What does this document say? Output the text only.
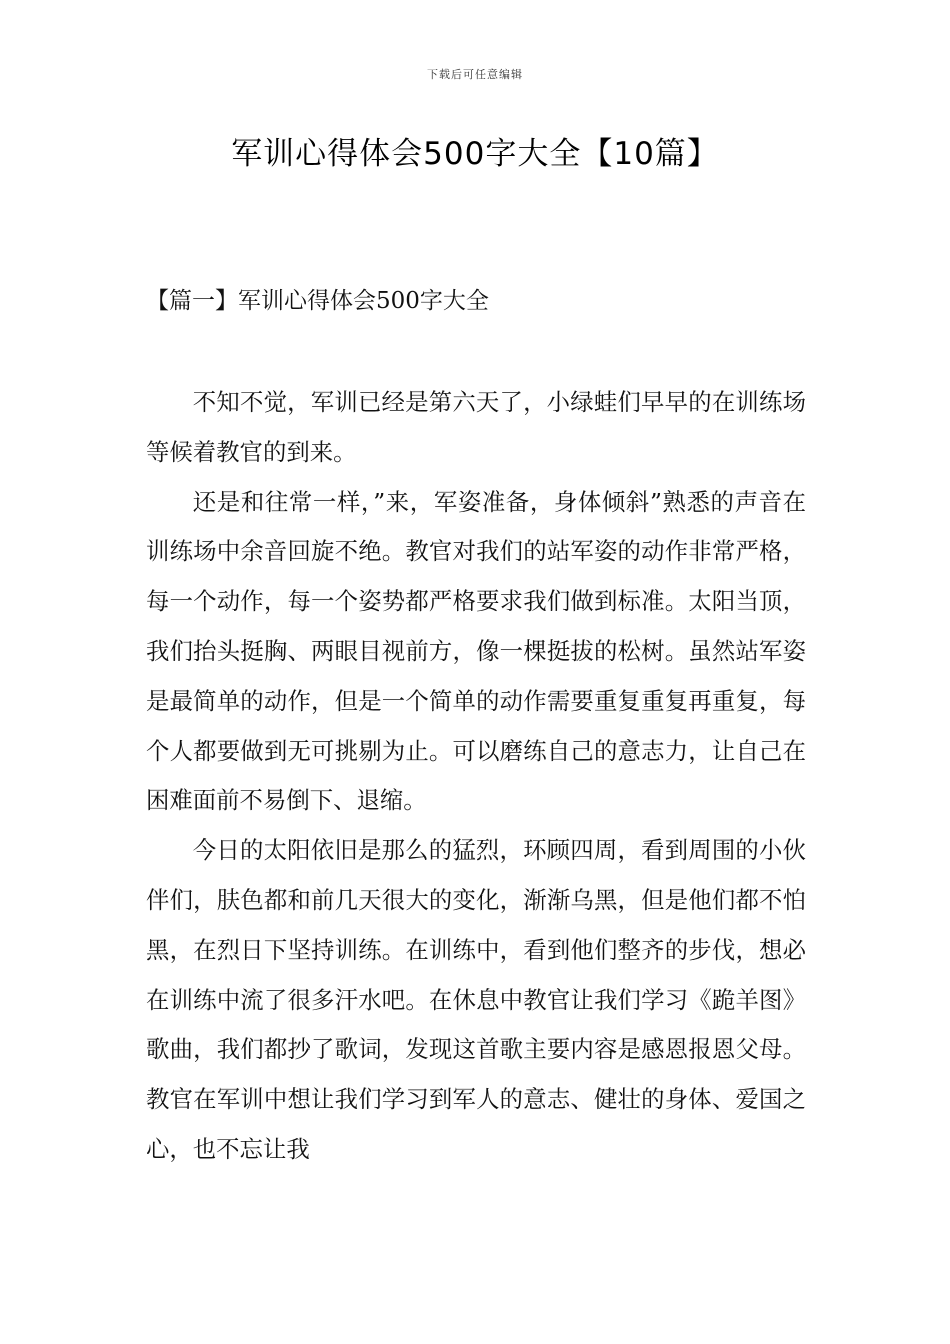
下载后可任意编辑
军训心得体会500字大全【10篇】
【篇一】军训心得体会500字大全

不知不觉，军训已经是第六天了，小绿蛙们早早的在训练场等候着教官的到来。

还是和往常一样，”来，军姿准备，身体倾斜”熟悉的声音在训练场中余音回旋不绝。教官对我们的站军姿的动作非常严格，每一个动作，每一个姿势都严格要求我们做到标准。太阳当顶，我们抬头挺胸、两眼目视前方，像一棵挺拔的松树。虽然站军姿是最简单的动作，但是一个简单的动作需要重复重复再重复，每个人都要做到无可挑剔为止。可以磨练自己的意志力，让自己在困难面前不易倒下、退缩。

今日的太阳依旧是那么的猛烈，环顾四周，看到周围的小伙伴们，肤色都和前几天很大的变化，渐渐乌黑，但是他们都不怕黑，在烈日下坚持训练。在训练中，看到他们整齐的步伐，想必在训练中流了很多汗水吧。在休息中教官让我们学习《跪羊图》歌曲，我们都抄了歌词，发现这首歌主要内容是感恩报恩父母。教官在军训中想让我们学习到军人的意志、健壮的身体、爱国之心，也不忘让我
